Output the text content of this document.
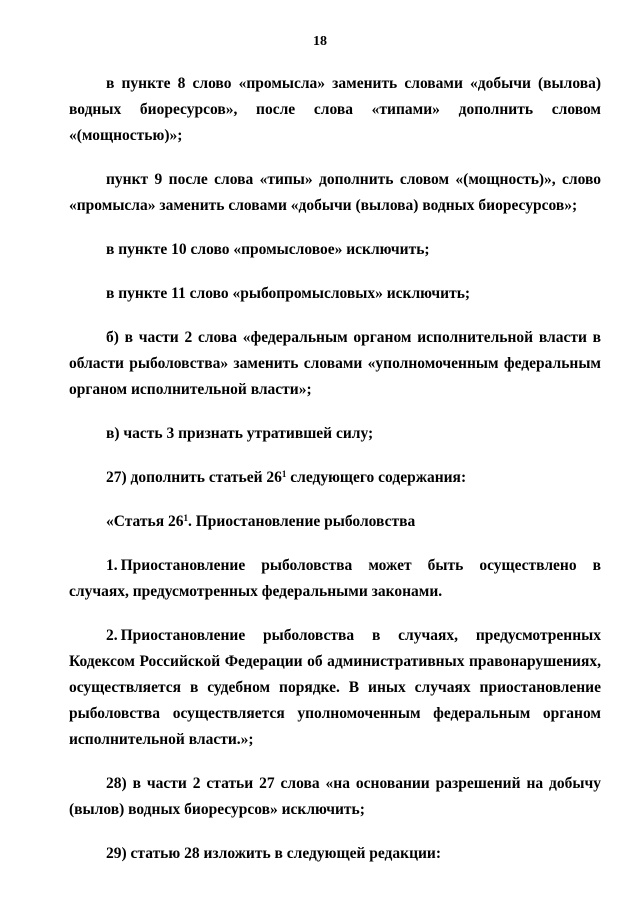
18

в пункте 8 слово «промысла» заменить словами «добычи (вылова) водных биоресурсов», после слова «типами» дополнить словом «(мощностью)»;

пункт 9 после слова «типы» дополнить словом «(мощность)», слово «промысла» заменить словами «добычи (вылова) водных биоресурсов»;

в пункте 10 слово «промысловое» исключить;

в пункте 11 слово «рыбопромысловых» исключить;

б) в части 2 слова «федеральным органом исполнительной власти в области рыболовства» заменить словами «уполномоченным федеральным органом исполнительной власти»;

в) часть 3 признать утратившей силу;

27) дополнить статьей $26^1$ следующего содержания:

«Статья $26^1$. Приостановление рыболовства

1. Приостановление рыболовства может быть осуществлено в случаях, предусмотренных федеральными законами.

2. Приостановление рыболовства в случаях, предусмотренных Кодексом Российской Федерации об административных правонарушениях, осуществляется в судебном порядке. В иных случаях приостановление рыболовства осуществляется уполномоченным федеральным органом исполнительной власти.»;

28) в части 2 статьи 27 слова «на основании разрешений на добычу (вылов) водных биоресурсов» исключить;

29) статью 28 изложить в следующей редакции:
